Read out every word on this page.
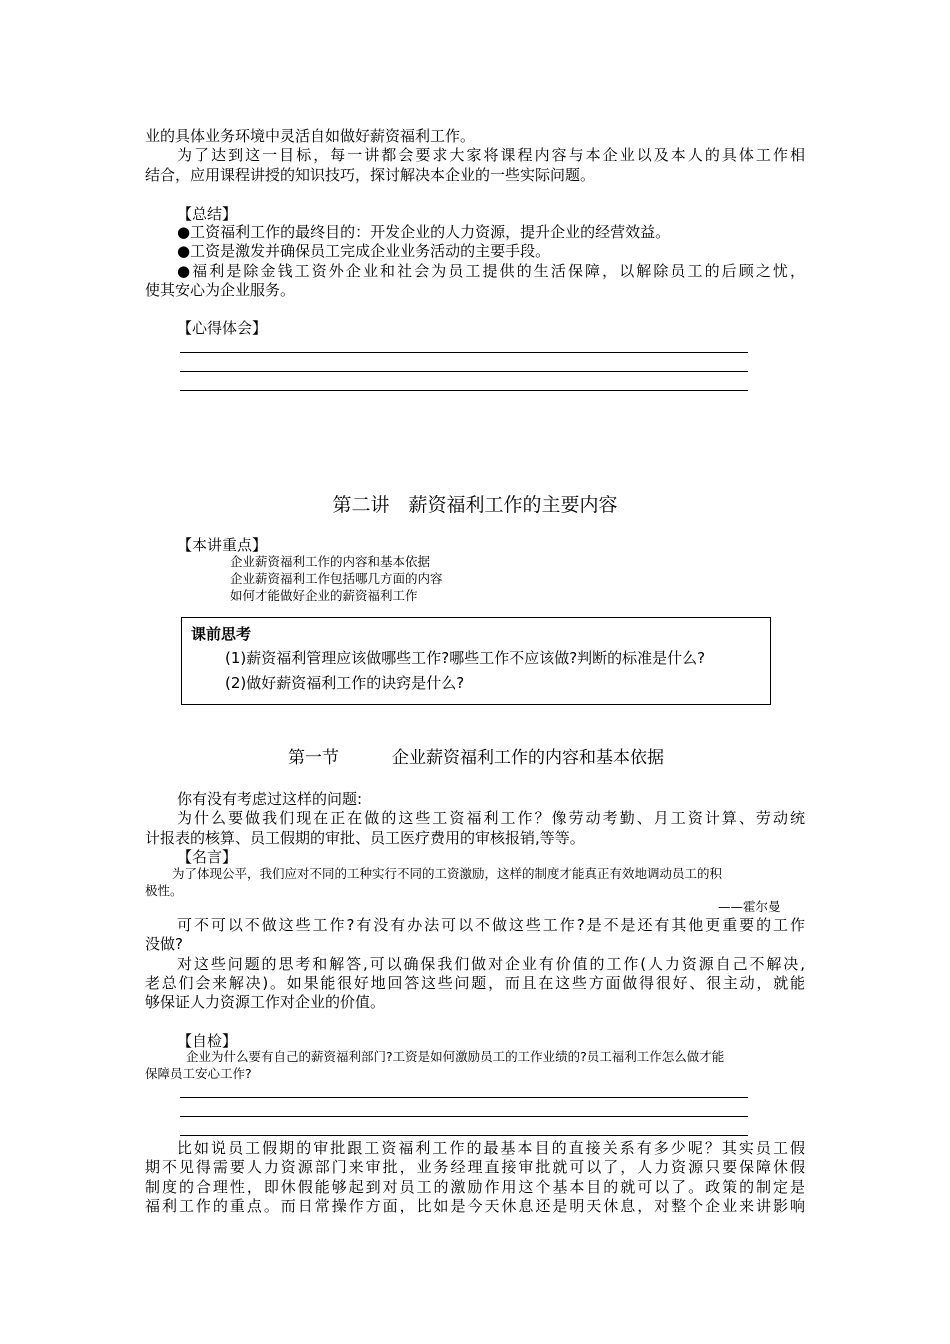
业的具体业务环境中灵活自如做好薪资福利工作。
为了达到这一目标，每一讲都会要求大家将课程内容与本企业以及本人的具体工作相
结合，应用课程讲授的知识技巧，探讨解决本企业的一些实际问题。
【总结】
●工资福利工作的最终目的：开发企业的人力资源，提升企业的经营效益。
●工资是激发并确保员工完成企业业务活动的主要手段。
●福利是除金钱工资外企业和社会为员工提供的生活保障，以解除员工的后顾之忧，
使其安心为企业服务。
【心得体会】
第二讲　薪资福利工作的主要内容
【本讲重点】
企业薪资福利工作的内容和基本依据
企业薪资福利工作包括哪几方面的内容
如何才能做好企业的薪资福利工作
课前思考
(1)薪资福利管理应该做哪些工作?哪些工作不应该做?判断的标准是什么?
(2)做好薪资福利工作的诀窍是什么?
第一节	企业薪资福利工作的内容和基本依据
你有没有考虑过这样的问题:
为什么要做我们现在正在做的这些工资福利工作？像劳动考勤、月工资计算、劳动统
计报表的核算、员工假期的审批、员工医疗费用的审核报销,等等。
【名言】
为了体现公平，我们应对不同的工种实行不同的工资激励，这样的制度才能真正有效地调动员工的积
极性。
——霍尔曼
可不可以不做这些工作?有没有办法可以不做这些工作?是不是还有其他更重要的工作
没做?
对这些问题的思考和解答,可以确保我们做对企业有价值的工作(人力资源自己不解决,
老总们会来解决)。如果能很好地回答这些问题，而且在这些方面做得很好、很主动，就能
够保证人力资源工作对企业的价值。
【自检】
企业为什么要有自己的薪资福利部门?工资是如何激励员工的工作业绩的?员工福利工作怎么做才能
保障员工安心工作?
比如说员工假期的审批跟工资福利工作的最基本目的直接关系有多少呢？其实员工假
期不见得需要人力资源部门来审批，业务经理直接审批就可以了，人力资源只要保障休假
制度的合理性，即休假能够起到对员工的激励作用这个基本目的就可以了。政策的制定是
福利工作的重点。而日常操作方面，比如是今天休息还是明天休息，对整个企业来讲影响
